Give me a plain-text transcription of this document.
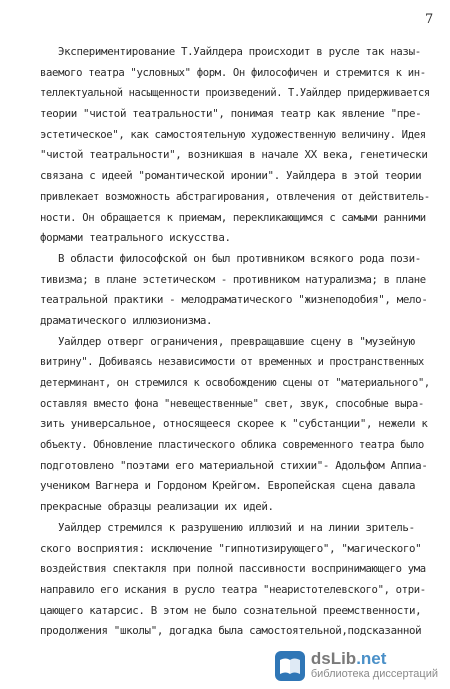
7
Экспериментирование Т.Уайлдера происходит в русле так назы-
ваемого театра "условных" форм. Он философичен и стремится к ин-
теллектуальной насыщенности произведений. Т.Уайлдер придерживается
теории "чистой театральности", понимая театр как явление "пре-
эстетическое", как самостоятельную художественную величину. Идея
"чистой театральности", возникшая в начале XX века, генетически
связана с идеей "романтической иронии". Уайлдера в этой теории
привлекает возможность абстрагирования, отвлечения от действитель-
ности. Он обращается к приемам, перекликающимся с самыми ранними
формами театрального искусства.
В области философской он был противником всякого рода пози-
тивизма; в плане эстетическом - противником натурализма; в плане
театральной практики - мелодраматического "жизнеподобия", мело-
драматического иллюзионизма.
Уайлдер отверг ограничения, превращавшие сцену в "музейную
витрину". Добиваясь независимости от временных и пространственных
детерминант, он стремился к освобождению сцены от "материального",
оставляя вместо фона "невещественные" свет, звук, способные выра-
зить универсальное, относящееся скорее к "субстанции", нежели к
объекту. Обновление пластического облика современного театра было
подготовлено "поэтами его материальной стихии"- Адольфом Аппиа-
учеником Вагнера и Гордоном Крейгом. Европейская сцена давала
прекрасные образцы реализации их идей.
Уайлдер стремился к разрушению иллюзий и на линии зритель-
ского восприятия: исключение "гипнотизирующего", "магического"
воздействия спектакля при полной пассивности воспринимающего ума
направило его искания в русло театра "неаристотелевского", отри-
цающего катарсис. В этом не было сознательной преемственности,
продолжения "школы", догадка была самостоятельной,подсказанной
dsLib.net
библиотека диссертаций
